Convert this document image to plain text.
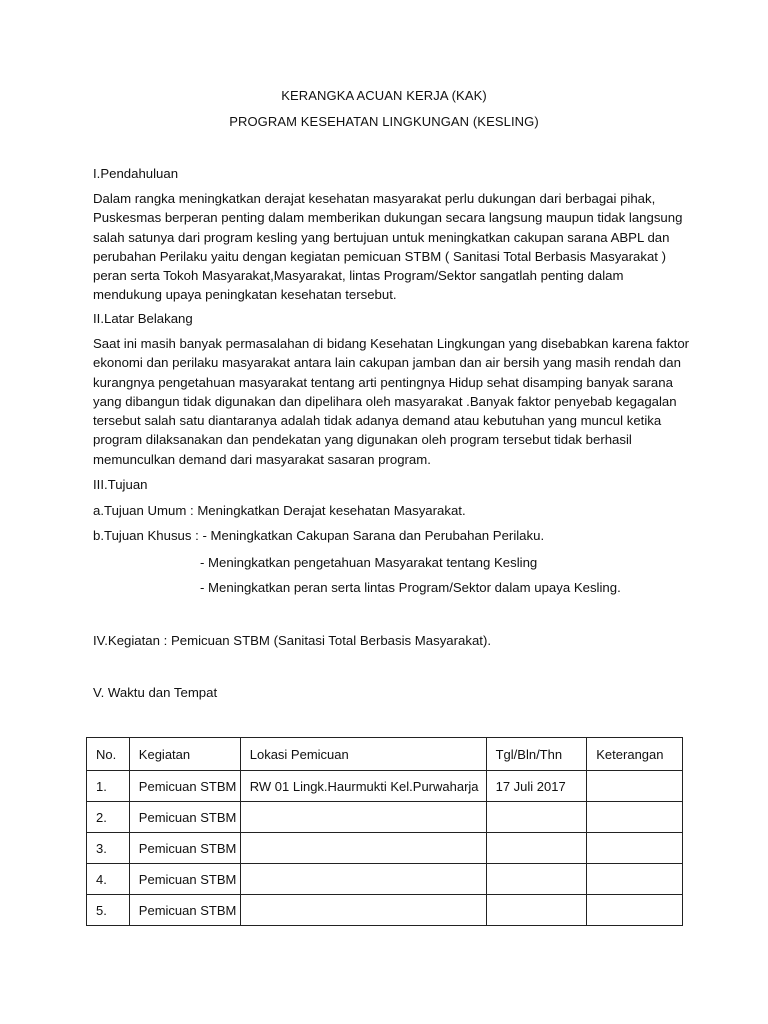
KERANGKA ACUAN KERJA (KAK)
PROGRAM KESEHATAN LINGKUNGAN (KESLING)
I.Pendahuluan
Dalam rangka meningkatkan derajat kesehatan masyarakat perlu dukungan dari berbagai pihak,
Puskesmas berperan penting dalam memberikan dukungan secara langsung maupun tidak langsung
salah satunya dari program kesling yang bertujuan untuk meningkatkan cakupan sarana ABPL dan
perubahan Perilaku yaitu dengan kegiatan pemicuan STBM ( Sanitasi Total Berbasis Masyarakat )
peran serta Tokoh Masyarakat,Masyarakat, lintas Program/Sektor sangatlah penting dalam
mendukung upaya peningkatan kesehatan tersebut.
II.Latar Belakang
Saat ini masih banyak permasalahan di bidang Kesehatan Lingkungan yang disebabkan karena faktor
ekonomi dan perilaku masyarakat antara lain cakupan jamban dan air bersih yang masih rendah dan
kurangnya pengetahuan masyarakat tentang arti pentingnya Hidup sehat disamping banyak sarana
yang dibangun tidak digunakan dan dipelihara oleh masyarakat .Banyak faktor penyebab kegagalan
tersebut salah satu diantaranya adalah tidak adanya demand atau kebutuhan yang muncul ketika
program dilaksanakan dan pendekatan yang digunakan oleh program tersebut tidak berhasil
memunculkan demand dari masyarakat sasaran program.
III.Tujuan
a.Tujuan Umum : Meningkatkan Derajat kesehatan Masyarakat.
b.Tujuan Khusus : - Meningkatkan Cakupan Sarana dan Perubahan Perilaku.
- Meningkatkan pengetahuan Masyarakat tentang Kesling
- Meningkatkan peran serta lintas Program/Sektor dalam upaya Kesling.
IV.Kegiatan : Pemicuan STBM (Sanitasi Total Berbasis Masyarakat).
V. Waktu dan Tempat
No.	Kegiatan	Lokasi Pemicuan	Tgl/Bln/Thn	Keterangan
1.	Pemicuan STBM	RW 01 Lingk.Haurmukti Kel.Purwaharja	17 Juli 2017	
2.	Pemicuan STBM			
3.	Pemicuan STBM			
4.	Pemicuan STBM			
5.	Pemicuan STBM			
